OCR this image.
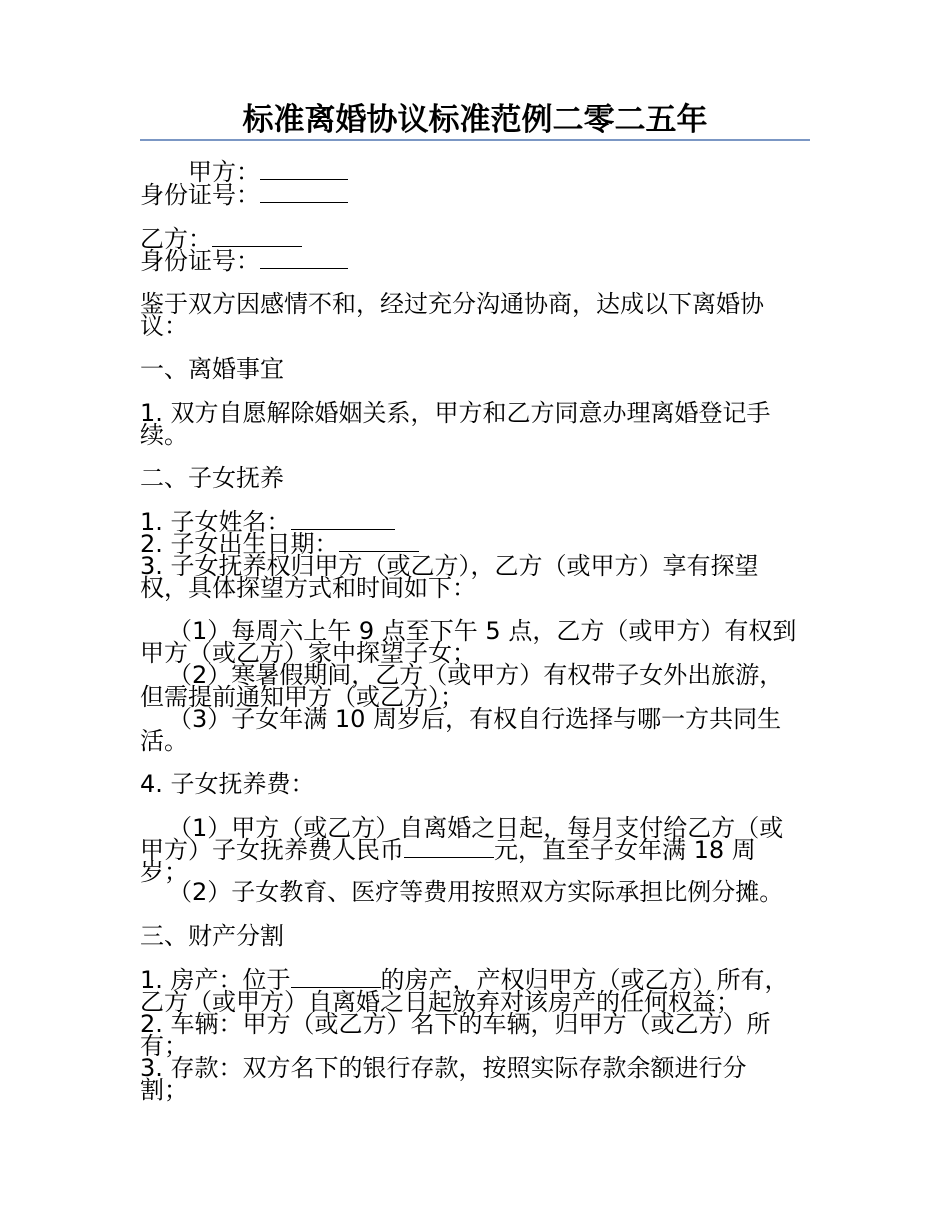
标准离婚协议标准范例二零二五年
甲方：
身份证号：
乙方：
身份证号：
鉴于双方因感情不和，经过充分沟通协商，达成以下离婚协
议：
一、离婚事宜
1. 双方自愿解除婚姻关系，甲方和乙方同意办理离婚登记手
续。
二、子女抚养
1. 子女姓名：
2. 子女出生日期：
3. 子女抚养权归甲方（或乙方），乙方（或甲方）享有探望
权，具体探望方式和时间如下：
（1）每周六上午 9 点至下午 5 点，乙方（或甲方）有权到
甲方（或乙方）家中探望子女；
（2）寒暑假期间，乙方（或甲方）有权带子女外出旅游，
但需提前通知甲方（或乙方）；
（3）子女年满 10 周岁后，有权自行选择与哪一方共同生
活。
4. 子女抚养费：
（1）甲方（或乙方）自离婚之日起，每月支付给乙方（或
甲方）子女抚养费人民币	元，直至子女年满 18 周
岁；
（2）子女教育、医疗等费用按照双方实际承担比例分摊。
三、财产分割
1. 房产：位于	的房产，产权归甲方（或乙方）所有，
乙方（或甲方）自离婚之日起放弃对该房产的任何权益；
2. 车辆：甲方（或乙方）名下的车辆，归甲方（或乙方）所
有；
3. 存款：双方名下的银行存款，按照实际存款余额进行分
割；
